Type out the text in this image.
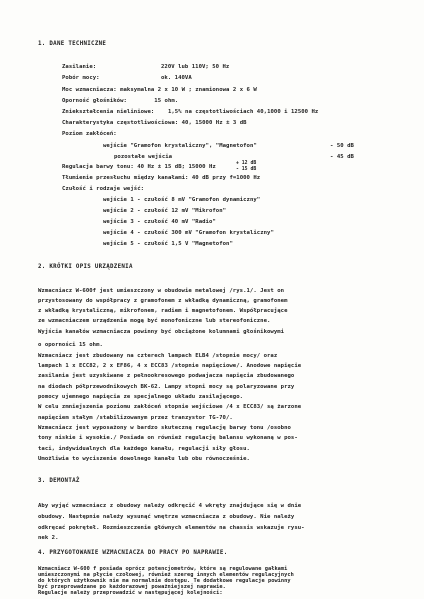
1. DANE TECHNICZNE
Zasilanie:	220V lub 110V; 50 Hz
Pobór mocy:	ok. 140VA
Moc wzmacniacza: maksymalna 2 x 10 W ; znamionowa 2 x 6 W
Oporność głośników:        15 ohm.
Zniekształcenia nieliniowe:    1,5% na częstotliwościach 40,1000 i 12500 Hz
Charakterystyka częstotliwościowa: 40, 15000 Hz ± 3 dB
Poziom zakłóceń:
wejście "Gramofon krystaliczny", "Magnetofon"	- 50 dB
pozostałe wejścia	- 45 dB
Regulacja barwy tonu: 40 Hz ± 15 dB; 15000 Hz
+ 12 dB
- 15 dB
Tłumienie przesłuchu między kanałami: 40 dB przy f=1000 Hz
Czułość i rodzaje wejść:
wejście 1 - czułość 8 mV "Gramofon dynamiczny"
wejście 2 - czułość 12 mV "Mikrofon"
wejście 3 - czułość 40 mV "Radio"
wejście 4 - czułość 300 mV "Gramofon krystaliczny"
wejście 5 - czułość 1,5 V "Magnetofon"
2. KRÓTKI OPIS URZĄDZENIA
Wzmacniacz W-600f jest umieszczony w obudowie metalowej /rys.1/. Jest on
przystosowany do współpracy z gramofonem z wkładką dynamiczną, gramofonem
z wkładką krystaliczną, mikrofonem, radiem i magnetofonem. Współpracujące
ze wzmacniaczem urządzenia mogą być monofoniczne lub stereofoniczne.
Wyjścia kanałów wzmacniacza powinny być obciążone kolumnami głośnikowymi
o oporności 15 ohm.
Wzmacniacz jest zbudowany na czterech lampach ELB4 /stopnie mocy/ oraz
lampach 1 x ECC82, 2 x EF86, 4 x ECC83 /stopnie napięciowe/. Anodowe napięcie
zasilania jest uzyskiwane z pełnookresowego podwajacza napięcia zbudowanego
na diodach półprzewodnikowych BK-62. Lampy stopni mocy są polaryzowane przy
pomocy ujemnego napięcia ze specjalnego układu zasilającego.
W celu zmniejszenia poziomu zakłóceń stopnie wejściowe /4 x ECC83/ są żarzone
napięciem stałym /stabilizowanym przez tranzystor TG-70/.
Wzmacniacz jest wyposażony w bardzo skuteczną regulację barwy tonu /osobno
tony niskie i wysokie./ Posiada on również regulację balansu wykonaną w pos-
taci, indywidualnych dla każdego kanału, regulacji siły głosu.
Umożliwia to wyciszenie dowolnego kanału lub obu równocześnie.
3. DEMONTAŻ
Aby wyjąć wzmacniacz z obudowy należy odkręcić 4 wkręty znajdujące się w dnie
obudowy. Następnie należy wysunąć wnętrze wzmacniacza z obudowy. Nie należy
odkręcać pokręteł. Rozmieszczenie głównych elementów na chassis wskazuje rysu-
nek 2.
4. PRZYGOTOWANIE WZMACNIACZA DO PRACY PO NAPRAWIE.
Wzmacniacz W-600 f posiada oprócz potencjometrów, które są regulowane gałkami
umieszczonymi na płycie czołowej, również szereg innych elementów regulacyjnych
do których użytkownik nie ma normalnie dostępu. Te dodatkowe regulacje powinny
być przeprowadzane po każdorazowej poważniejszej naprawie.
Regulacje należy przeprowadzić w następującej kolejności:
